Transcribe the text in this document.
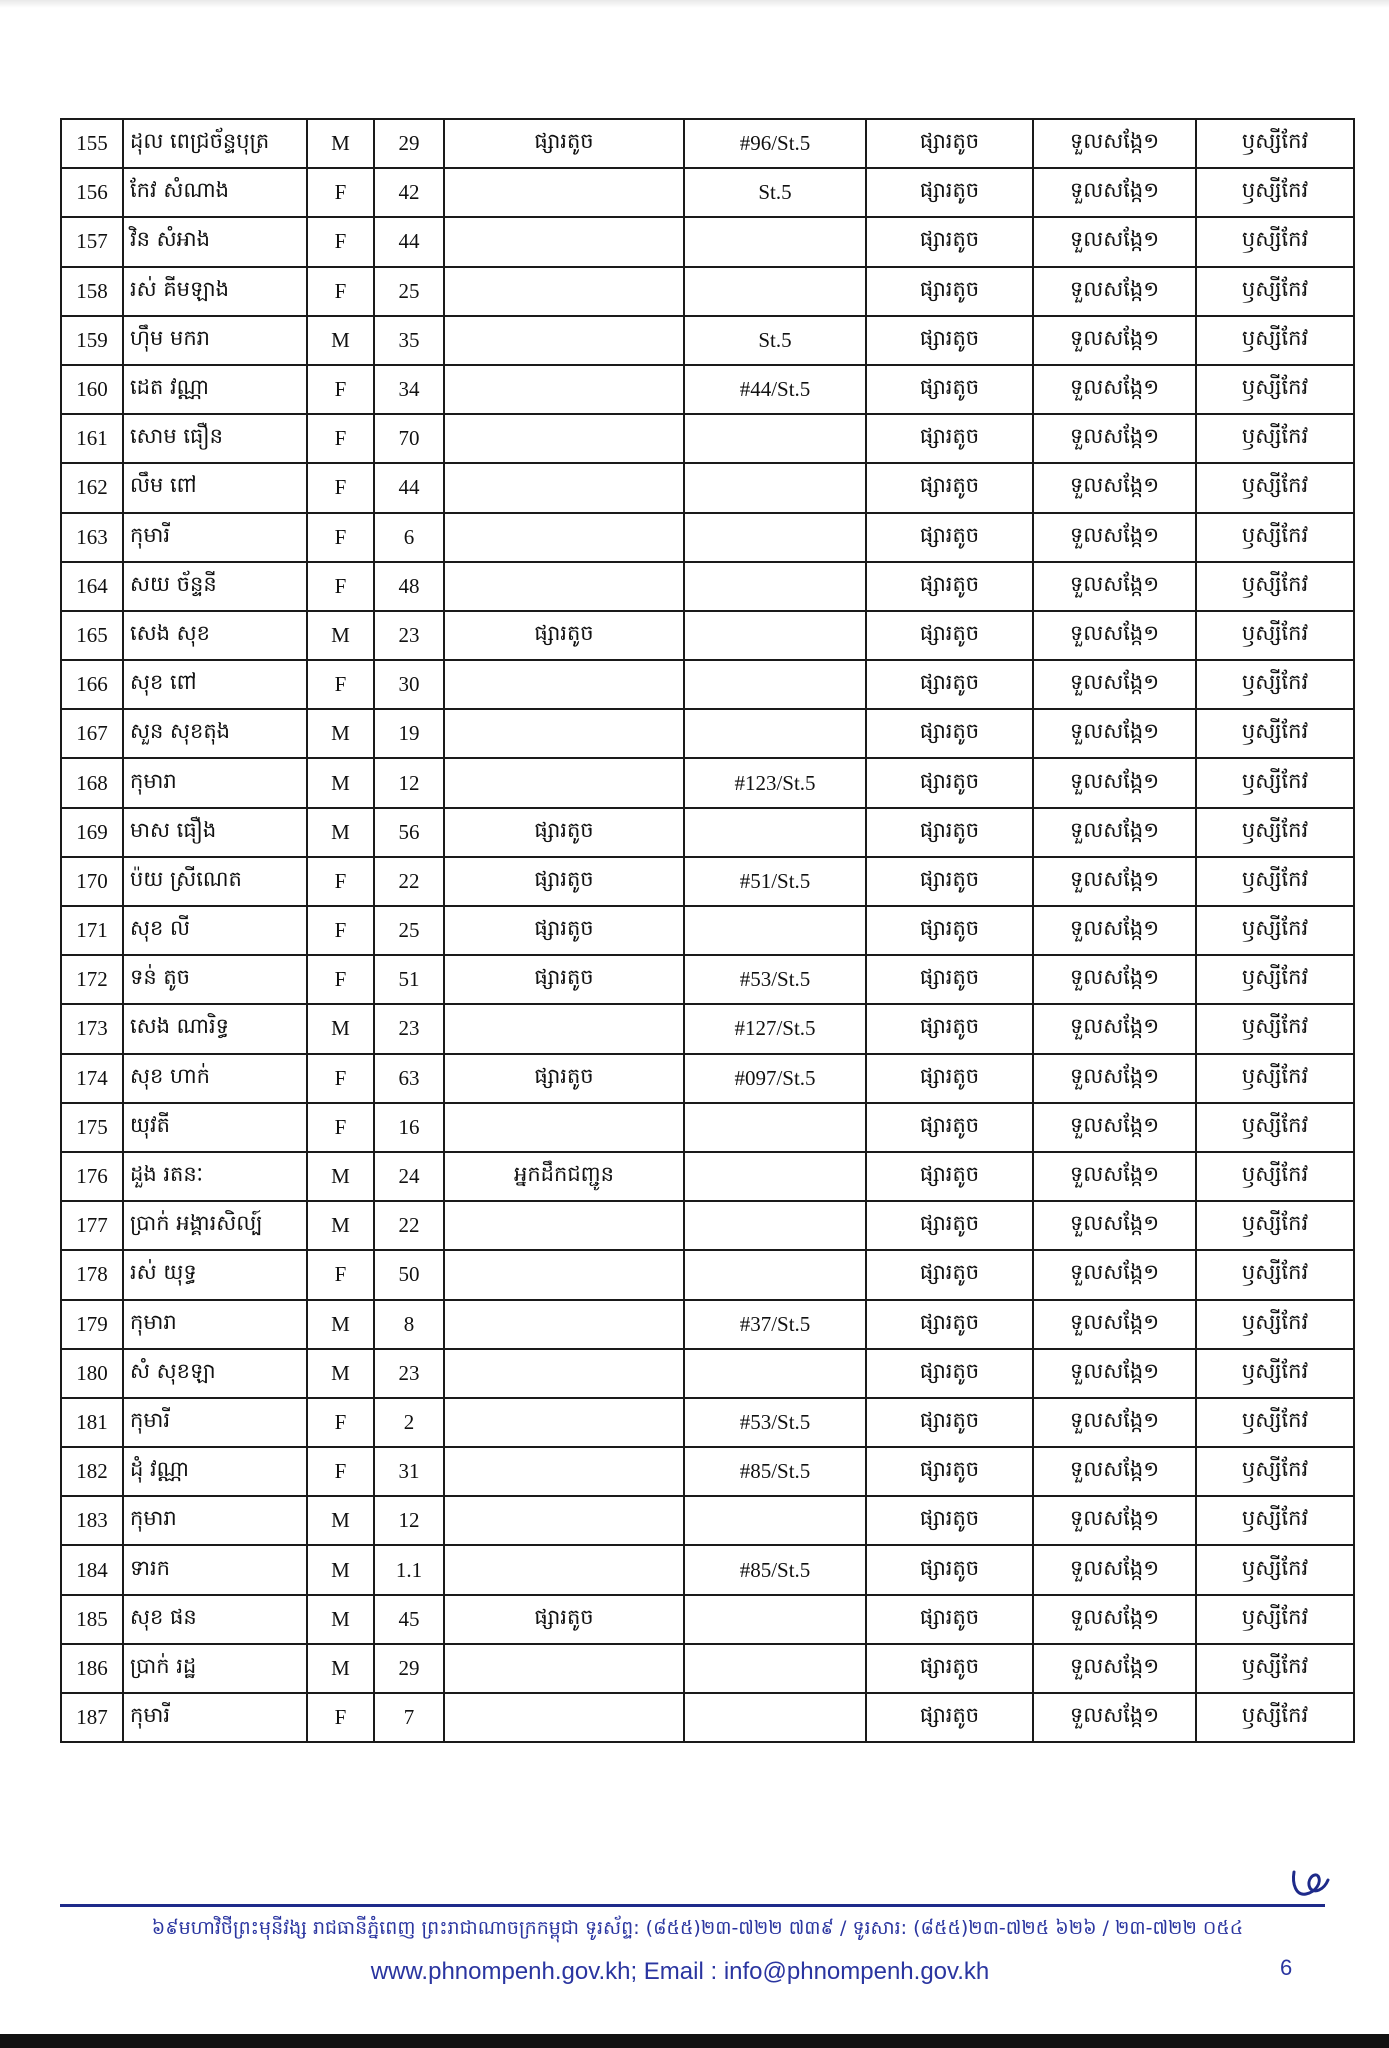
155	ដុល ពេជ្រច័ន្ទបុត្រ	M	29	ផ្សារតូច	#96/St.5	ផ្សារតូច	ទួលសង្កែ១	ឫស្សីកែវ
156	កែវ សំណាង	F	42		St.5	ផ្សារតូច	ទួលសង្កែ១	ឫស្សីកែវ
157	វិន សំអាង	F	44			ផ្សារតូច	ទួលសង្កែ១	ឫស្សីកែវ
158	រស់ គីមឡាង	F	25			ផ្សារតូច	ទួលសង្កែ១	ឫស្សីកែវ
159	ហ៊ឹម មករា	M	35		St.5	ផ្សារតូច	ទួលសង្កែ១	ឫស្សីកែវ
160	ដេត វណ្ណា	F	34		#44/St.5	ផ្សារតូច	ទួលសង្កែ១	ឫស្សីកែវ
161	សោម ធឿន	F	70			ផ្សារតូច	ទួលសង្កែ១	ឫស្សីកែវ
162	លឹម ពៅ	F	44			ផ្សារតូច	ទួលសង្កែ១	ឫស្សីកែវ
163	កុមារី	F	6			ផ្សារតូច	ទួលសង្កែ១	ឫស្សីកែវ
164	សយ ច័ន្ទនី	F	48			ផ្សារតូច	ទួលសង្កែ១	ឫស្សីកែវ
165	សេង សុខ	M	23	ផ្សារតូច		ផ្សារតូច	ទួលសង្កែ១	ឫស្សីកែវ
166	សុខ ពៅ	F	30			ផ្សារតូច	ទួលសង្កែ១	ឫស្សីកែវ
167	សួន សុខតុង	M	19			ផ្សារតូច	ទួលសង្កែ១	ឫស្សីកែវ
168	កុមារា	M	12		#123/St.5	ផ្សារតូច	ទួលសង្កែ១	ឫស្សីកែវ
169	មាស ធឿង	M	56	ផ្សារតូច		ផ្សារតូច	ទួលសង្កែ១	ឫស្សីកែវ
170	ប៉យ ស្រីណេត	F	22	ផ្សារតូច	#51/St.5	ផ្សារតូច	ទួលសង្កែ១	ឫស្សីកែវ
171	សុខ លី	F	25	ផ្សារតូច		ផ្សារតូច	ទួលសង្កែ១	ឫស្សីកែវ
172	ទន់ តូច	F	51	ផ្សារតូច	#53/St.5	ផ្សារតូច	ទួលសង្កែ១	ឫស្សីកែវ
173	សេង ណារិទ្ធ	M	23		#127/St.5	ផ្សារតូច	ទួលសង្កែ១	ឫស្សីកែវ
174	សុខ ហាក់	F	63	ផ្សារតូច	#097/St.5	ផ្សារតូច	ទួលសង្កែ១	ឫស្សីកែវ
175	យុវតី	F	16			ផ្សារតូច	ទួលសង្កែ១	ឫស្សីកែវ
176	ដួង រតនៈ	M	24	អ្នកដឹកជញ្ជូន		ផ្សារតូច	ទួលសង្កែ១	ឫស្សីកែវ
177	ប្រាក់ អង្គារសិល្ប៍	M	22			ផ្សារតូច	ទួលសង្កែ១	ឫស្សីកែវ
178	រស់ យុទ្ធ	F	50			ផ្សារតូច	ទួលសង្កែ១	ឫស្សីកែវ
179	កុមារា	M	8		#37/St.5	ផ្សារតូច	ទួលសង្កែ១	ឫស្សីកែវ
180	សំ សុខឡា	M	23			ផ្សារតូច	ទួលសង្កែ១	ឫស្សីកែវ
181	កុមារី	F	2		#53/St.5	ផ្សារតូច	ទួលសង្កែ១	ឫស្សីកែវ
182	ដុំ វណ្ណា	F	31		#85/St.5	ផ្សារតូច	ទួលសង្កែ១	ឫស្សីកែវ
183	កុមារា	M	12			ផ្សារតូច	ទួលសង្កែ១	ឫស្សីកែវ
184	ទារក	M	1.1		#85/St.5	ផ្សារតូច	ទួលសង្កែ១	ឫស្សីកែវ
185	សុខ ផន	M	45	ផ្សារតូច		ផ្សារតូច	ទួលសង្កែ១	ឫស្សីកែវ
186	ប្រាក់ រដ្ឋ	M	29			ផ្សារតូច	ទួលសង្កែ១	ឫស្សីកែវ
187	កុមារី	F	7			ផ្សារតូច	ទួលសង្កែ១	ឫស្សីកែវ
៦៩មហាវិថីព្រះមុនីវង្ស រាជធានីភ្នំពេញ ព្រះរាជាណាចក្រកម្ពុជា ទូរស័ព្ទ: (៨៥៥)២៣-៧២២ ៧៣៩ / ទូរសារ: (៨៥៥)២៣-៧២៥ ៦២៦ / ២៣-៧២២ ០៥៤
www.phnompenh.gov.kh; Email : info@phnompenh.gov.kh	6
